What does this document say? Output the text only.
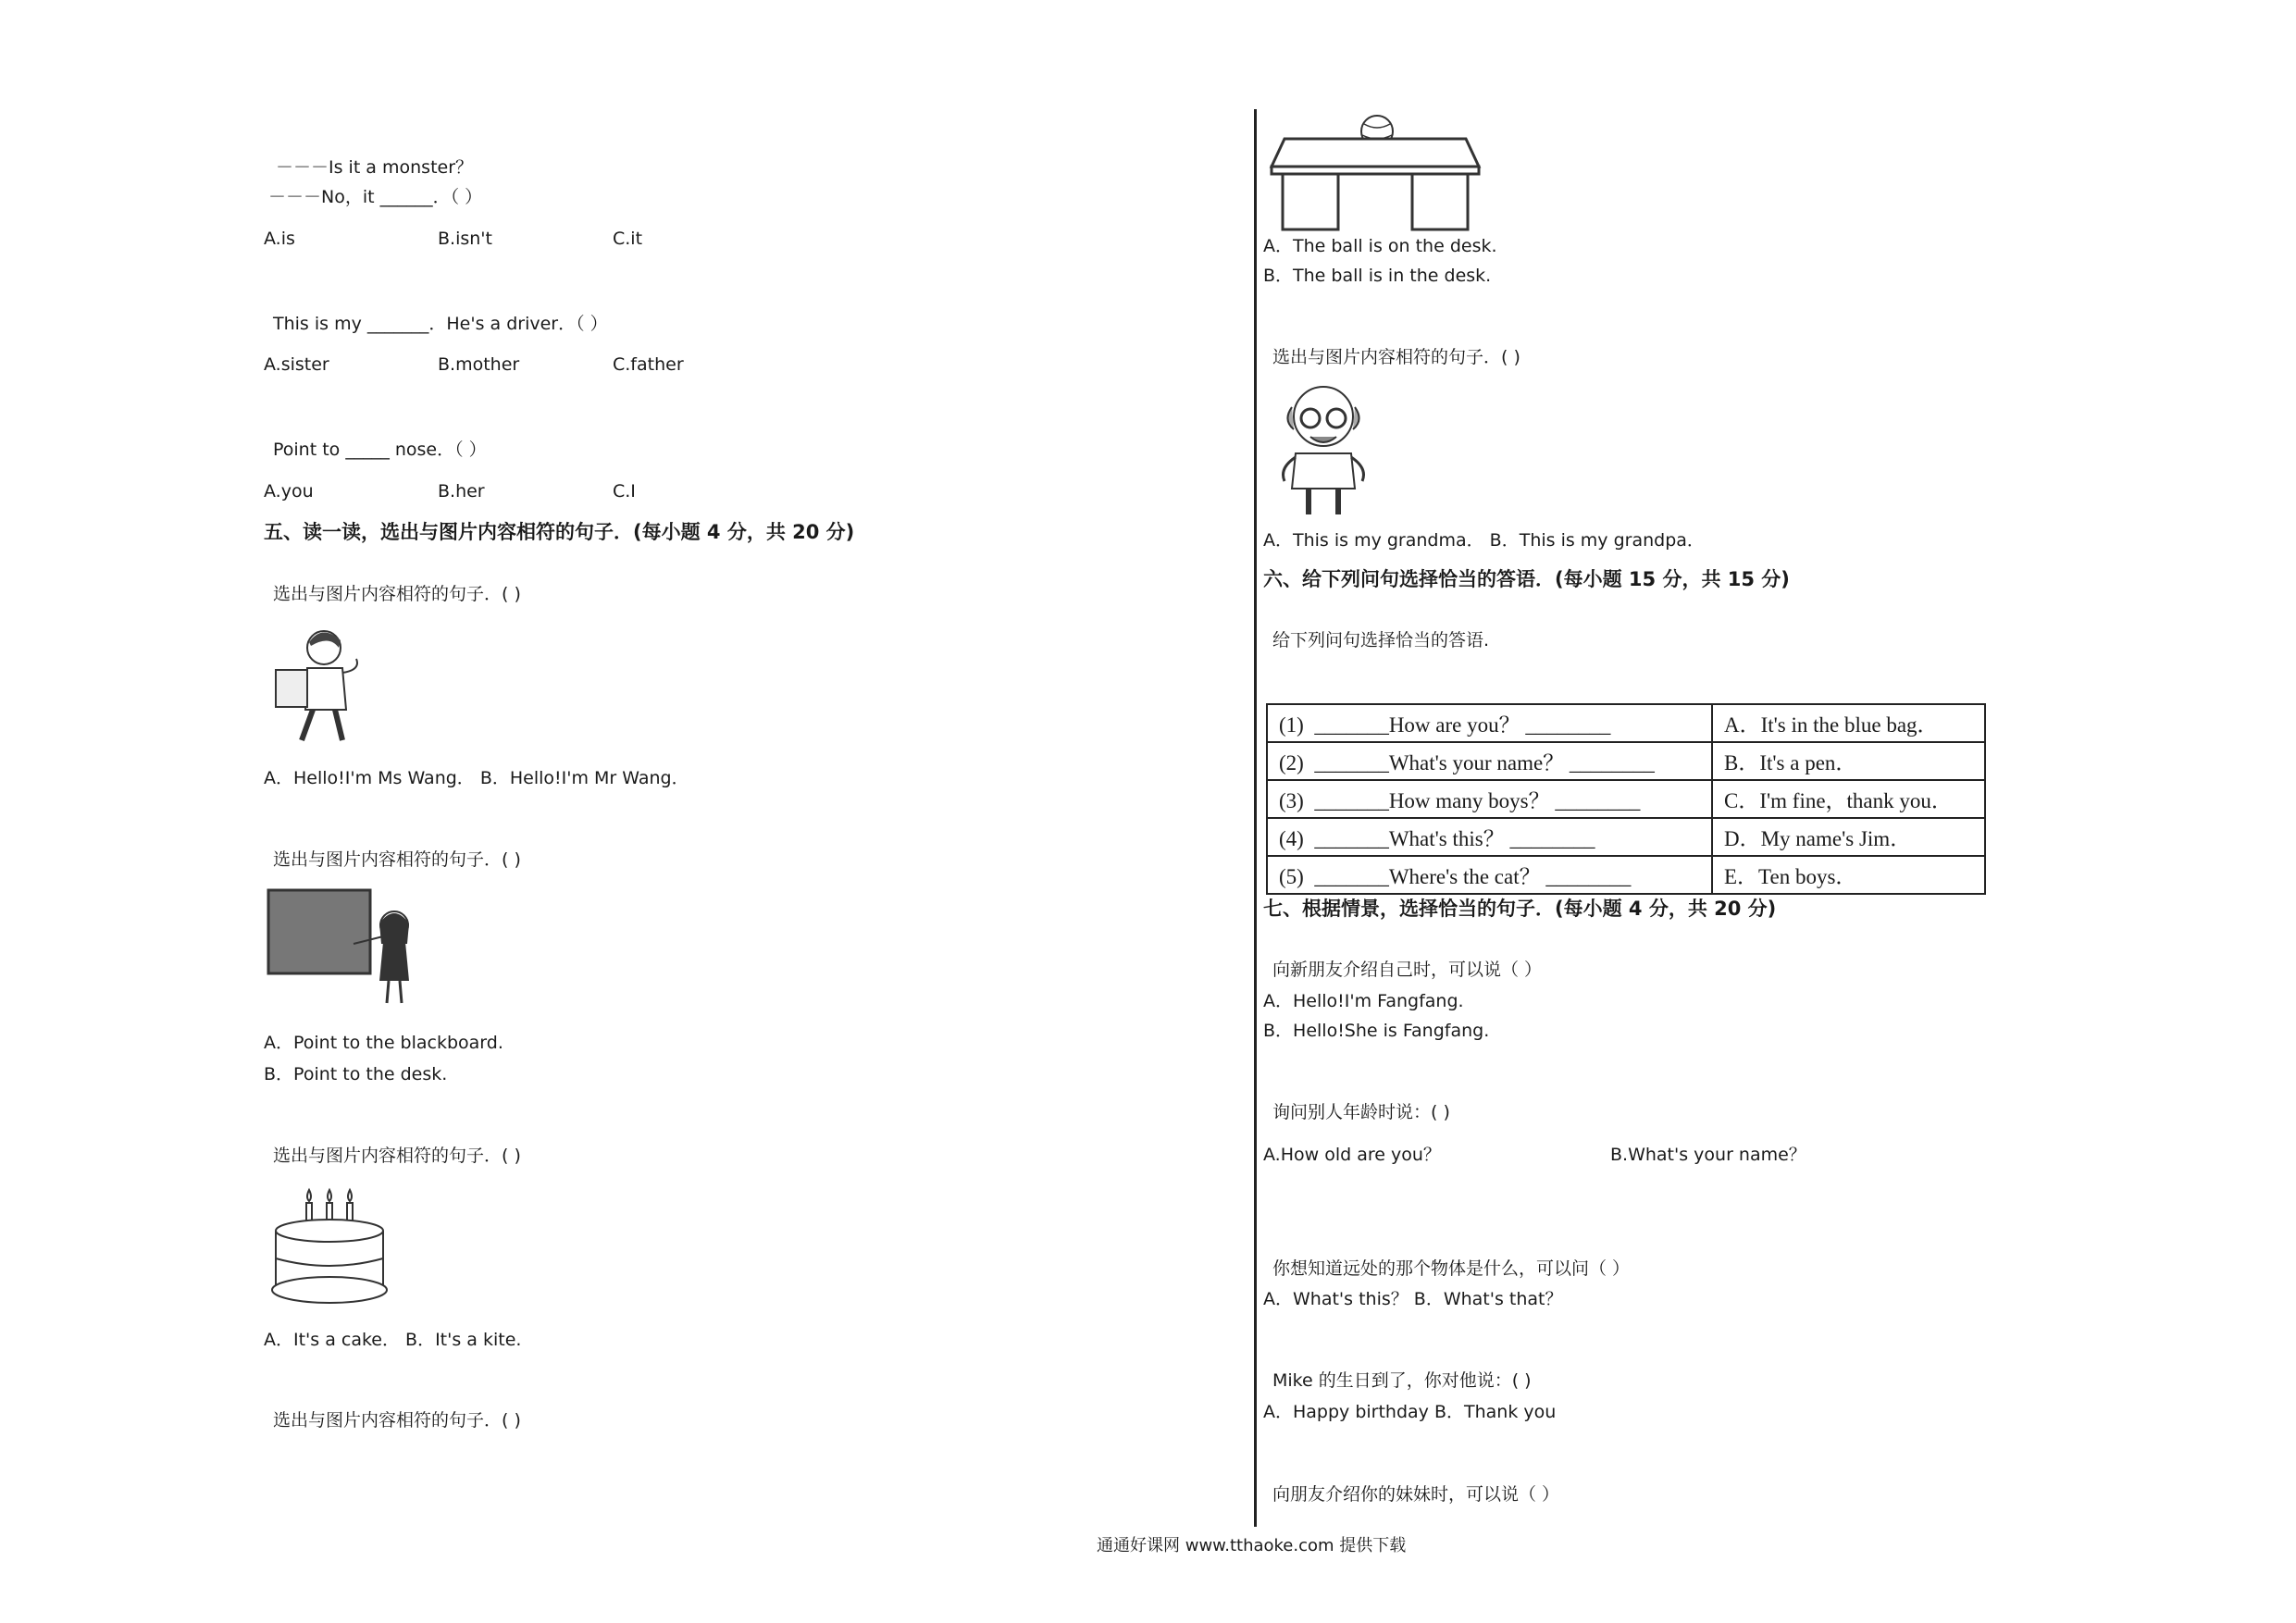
－－－Is it a monster？
－－－No，it ______．（ ）
A.is	B.isn't	C.it
This is my _______．He's a driver．（ ）
A.sister	B.mother	C.father
Point to _____ nose．（ ）
A.you	B.her	C.I
五、读一读，选出与图片内容相符的句子．(每小题 4 分，共 20 分)
选出与图片内容相符的句子．( )
A．Hello!I'm Ms Wang． B．Hello!I'm Mr Wang．
选出与图片内容相符的句子．( )
A．Point to the blackboard.
B．Point to the desk.
选出与图片内容相符的句子．( )
A．It's a cake． B．It's a kite.
选出与图片内容相符的句子．( )
A．The ball is on the desk.
B．The ball is in the desk.
选出与图片内容相符的句子．( )
A．This is my grandma． B．This is my grandpa．
六、给下列问句选择恰当的答语．(每小题 15 分，共 15 分)
给下列问句选择恰当的答语.
(1)  _______How are you？ ________	A．It's in the blue bag．
(2)  _______What's your name？ ________	B．It's a pen．
(3)  _______How many boys？ ________	C．I'm fine，thank you．
(4)  _______What's this？ ________	D．My name's Jim．
(5)  _______Where's the cat？ ________	E．Ten boys．
七、根据情景，选择恰当的句子．(每小题 4 分，共 20 分)
向新朋友介绍自己时，可以说（ ）
A．Hello!I'm Fangfang.
B．Hello!She is Fangfang.
询问别人年龄时说：( )
A.How old are you？	B.What's your name？
你想知道远处的那个物体是什么，可以问（ ）
A．What's this？ B．What's that？
Mike 的生日到了，你对他说：( )
A．Happy birthday B．Thank you
向朋友介绍你的妹妹时，可以说（ ）
通通好课网 www.tthaoke.com 提供下载
